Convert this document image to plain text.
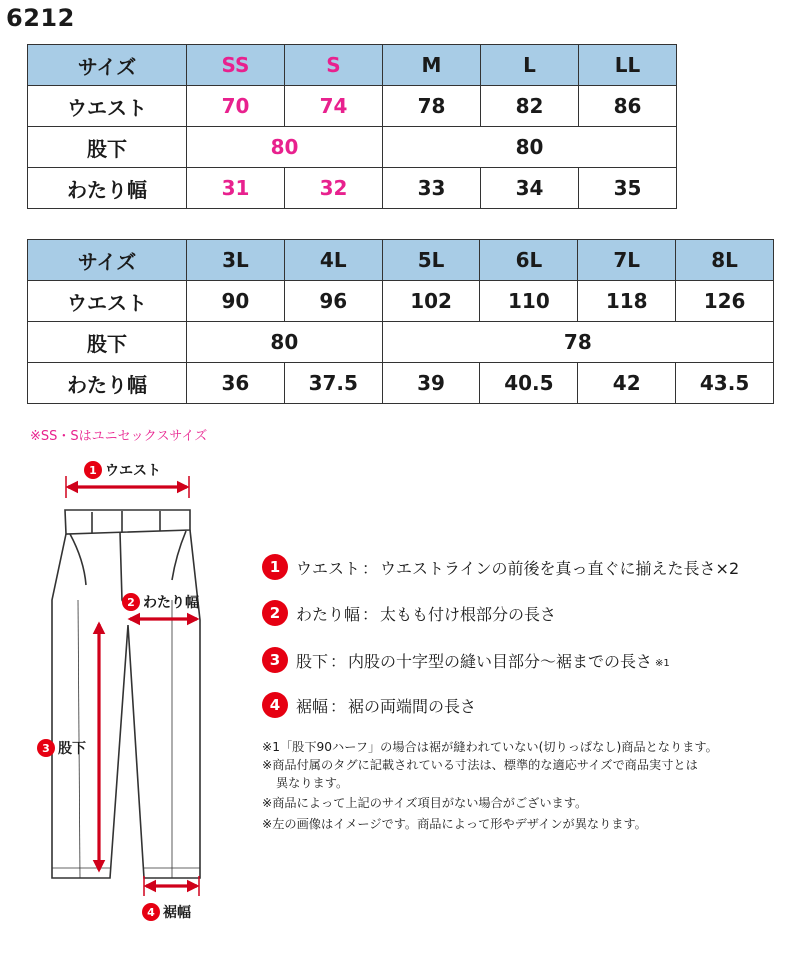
6212
サイズ	SS	S	M	L	LL
ウエスト	70	74	78	82	86
股下	80		80		
わたり幅	31	32	33	34	35
サイズ	3L	4L	5L	6L	7L	8L
ウエスト	90	96	102	110	118	126
股下	80		78			
わたり幅	36	37.5	39	40.5	42	43.5
※SS・Sはユニセックスサイズ
1 ウエスト
2 わたり幅
3 股下
4 裾幅
1 ウエスト ： ウエストラインの前後を真っ直ぐに揃えた長さ×2
2 わたり幅 ： 太もも付け根部分の長さ
3 股下 ： 内股の十字型の縫い目部分～裾までの長さ ※1
4 裾幅 ： 裾の両端間の長さ
※1「股下90ハーフ」の場合は裾が縫われていない(切りっぱなし)商品となります。
※商品付属のタグに記載されている寸法は、標準的な適応サイズで商品実寸とは
異なります。
※商品によって上記のサイズ項目がない場合がございます。
※左の画像はイメージです。商品によって形やデザインが異なります。
